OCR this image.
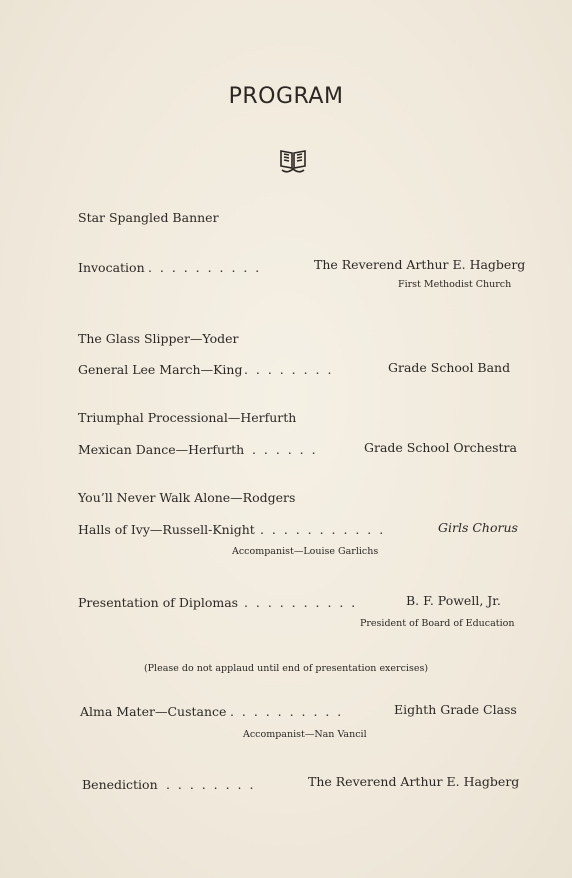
PROGRAM
Star Spangled Banner
Invocation .  .  .  .  .  .  .  .  .  .	The Reverend Arthur E. Hagberg
First Methodist Church
The Glass Slipper—Yoder
General Lee March—King .  .  .  .  .  .  .  .	Grade School Band
Triumphal Processional—Herfurth
Mexican Dance—Herfurth .  .  .  .  .  .	Grade School Orchestra
You’ll Never Walk Alone—Rodgers
Halls of Ivy—Russell-Knight .  .  .  .  .  .  .  .  .  .  .	Girls Chorus
Accompanist—Louise Garlichs
Presentation of Diplomas .  .  .  .  .  .  .  .  .  .	B. F. Powell, Jr.
President of Board of Education
(Please do not applaud until end of presentation exercises)
Alma Mater—Custance .  .  .  .  .  .  .  .  .  .	Eighth Grade Class
Accompanist—Nan Vancil
Benediction .  .  .  .  .  .  .  .	The Reverend Arthur E. Hagberg
